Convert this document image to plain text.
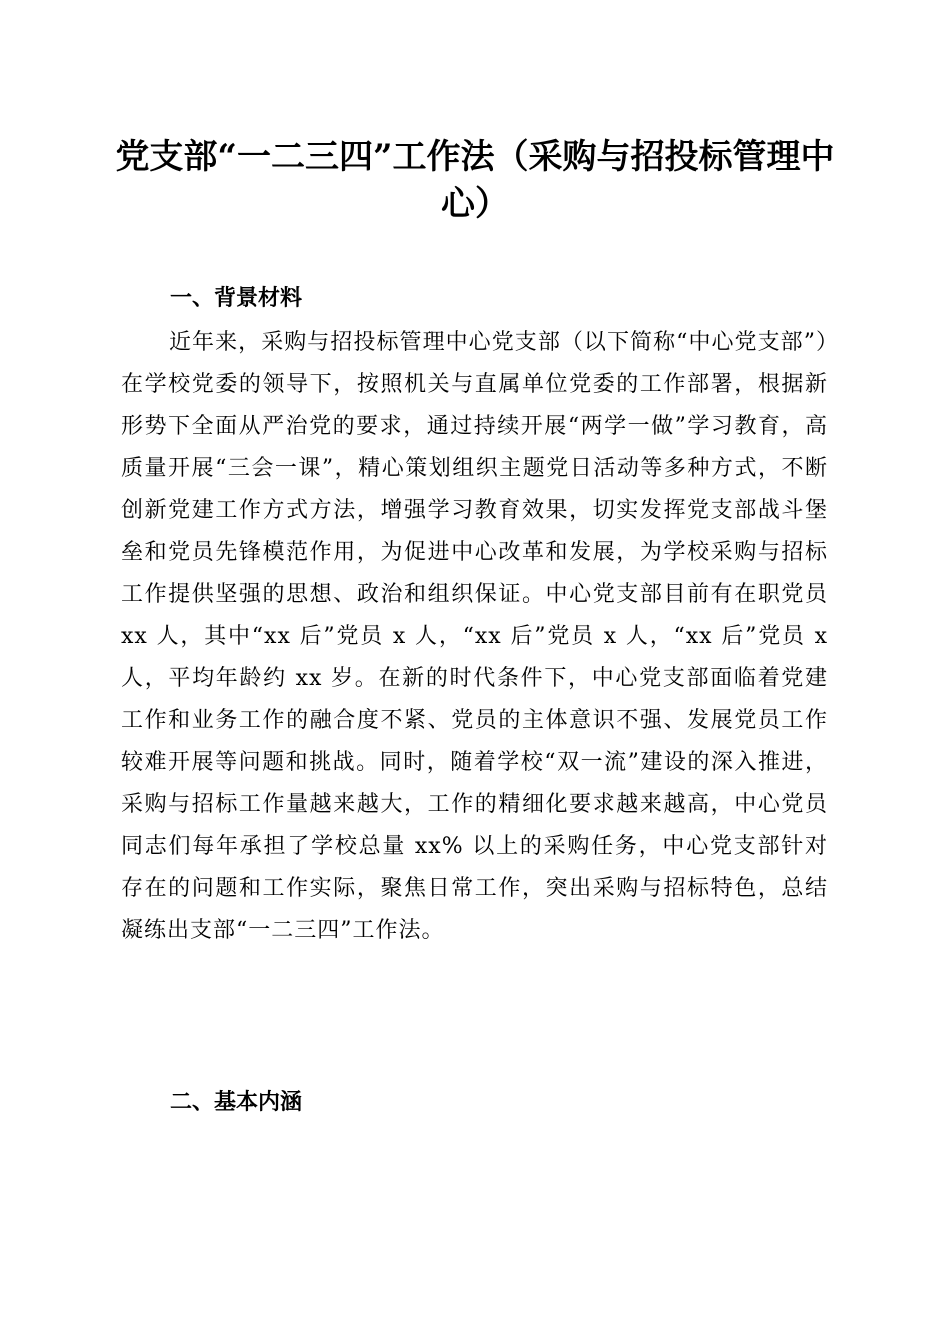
党支部“一二三四”工作法（采购与招投标管理中心）
一、背景材料

近年来，采购与招投标管理中心党支部（以下简称“中心党支部”）在学校党委的领导下，按照机关与直属单位党委的工作部署，根据新形势下全面从严治党的要求，通过持续开展“两学一做”学习教育，高质量开展“三会一课”，精心策划组织主题党日活动等多种方式，不断创新党建工作方式方法，增强学习教育效果，切实发挥党支部战斗堡垒和党员先锋模范作用，为促进中心改革和发展，为学校采购与招标工作提供坚强的思想、政治和组织保证。中心党支部目前有在职党员 xx 人，其中“xx 后”党员 x 人，“xx 后”党员 x 人，“xx 后”党员 x 人，平均年龄约 xx 岁。在新的时代条件下，中心党支部面临着党建工作和业务工作的融合度不紧、党员的主体意识不强、发展党员工作较难开展等问题和挑战。同时，随着学校“双一流”建设的深入推进，采购与招标工作量越来越大，工作的精细化要求越来越高，中心党员同志们每年承担了学校总量 xx% 以上的采购任务，中心党支部针对存在的问题和工作实际，聚焦日常工作，突出采购与招标特色，总结凝练出支部“一二三四”工作法。

二、基本内涵
